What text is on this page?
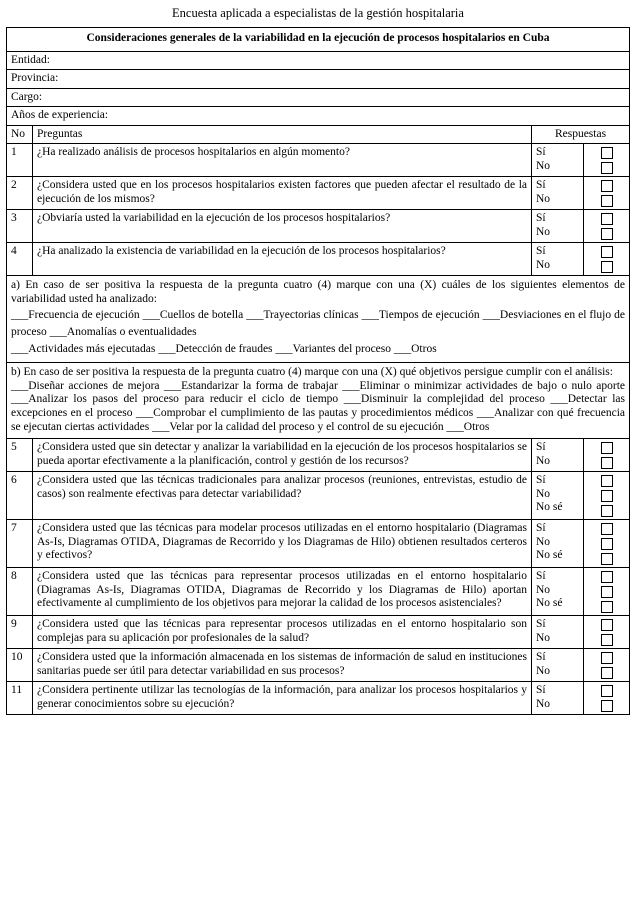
Encuesta aplicada a especialistas de la gestión hospitalaria
Consideraciones generales de la variabilidad en la ejecución de procesos hospitalarios en Cuba			
Entidad:			
Provincia:			
Cargo:			
Años de experiencia:			
No	Preguntas	Respuestas	
1	¿Ha realizado análisis de procesos hospitalarios en algún momento?	Sí
No	

2	¿Considera usted que en los procesos hospitalarios existen factores que pueden afectar el resultado de la ejecución de los mismos?	Sí
No	

3	¿Obviaría usted la variabilidad en la ejecución de los procesos hospitalarios?	Sí
No	

4	¿Ha analizado la existencia de variabilidad en la ejecución de los procesos hospitalarios?	Sí
No	

a) En caso de ser positiva la respuesta de la pregunta cuatro (4) marque con una (X) cuáles de los siguientes elementos de variabilidad usted ha analizado:

___Frecuencia de ejecución ___Cuellos de botella ___Trayectorias clínicas ___Tiempos de ejecución ___Desviaciones en el flujo de proceso ___Anomalías o eventualidades

___Actividades más ejecutadas ___Detección de fraudes ___Variantes del proceso ___Otros			

b) En caso de ser positiva la respuesta de la pregunta cuatro (4) marque con una (X) qué objetivos persigue cumplir con el análisis:

___Diseñar acciones de mejora ___Estandarizar la forma de trabajar ___Eliminar o minimizar actividades de bajo o nulo aporte ___Analizar los pasos del proceso para reducir el ciclo de tiempo ___Disminuir la complejidad del proceso ___Detectar las excepciones en el proceso ___Comprobar el cumplimiento de las pautas y procedimientos médicos ___Analizar con qué frecuencia se ejecutan ciertas actividades ___Velar por la calidad del proceso y el control de su ejecución ___Otros			

5	¿Considera usted que sin detectar y analizar la variabilidad en la ejecución de los procesos hospitalarios se pueda aportar efectivamente a la planificación, control y gestión de los recursos?	Sí
No	

6	¿Considera usted que las técnicas tradicionales para analizar procesos (reuniones, entrevistas, estudio de casos) son realmente efectivas para detectar variabilidad?	Sí
No
No sé	

7	¿Considera usted que las técnicas para modelar procesos utilizadas en el entorno hospitalario (Diagramas As-Is, Diagramas OTIDA, Diagramas de Recorrido y los Diagramas de Hilo) obtienen resultados certeros y efectivos?	
Sí
No
No sé

8	¿Considera usted que las técnicas para representar procesos utilizadas en el entorno hospitalario (Diagramas As-Is, Diagramas OTIDA, Diagramas de Recorrido y los Diagramas de Hilo) aportan efectivamente al cumplimiento de los objetivos para mejorar la calidad de los procesos asistenciales?	
Sí
No
No sé

9	¿Considera usted que las técnicas para representar procesos utilizadas en el entorno hospitalario son complejas para su aplicación por profesionales de la salud?	Sí
No	

10	¿Considera usted que la información almacenada en los sistemas de información de salud en instituciones sanitarias puede ser útil para detectar variabilidad en sus procesos?	Sí
No	

11	¿Considera pertinente utilizar las tecnologías de la información, para analizar los procesos hospitalarios y generar conocimientos sobre su ejecución?	Sí
No	
